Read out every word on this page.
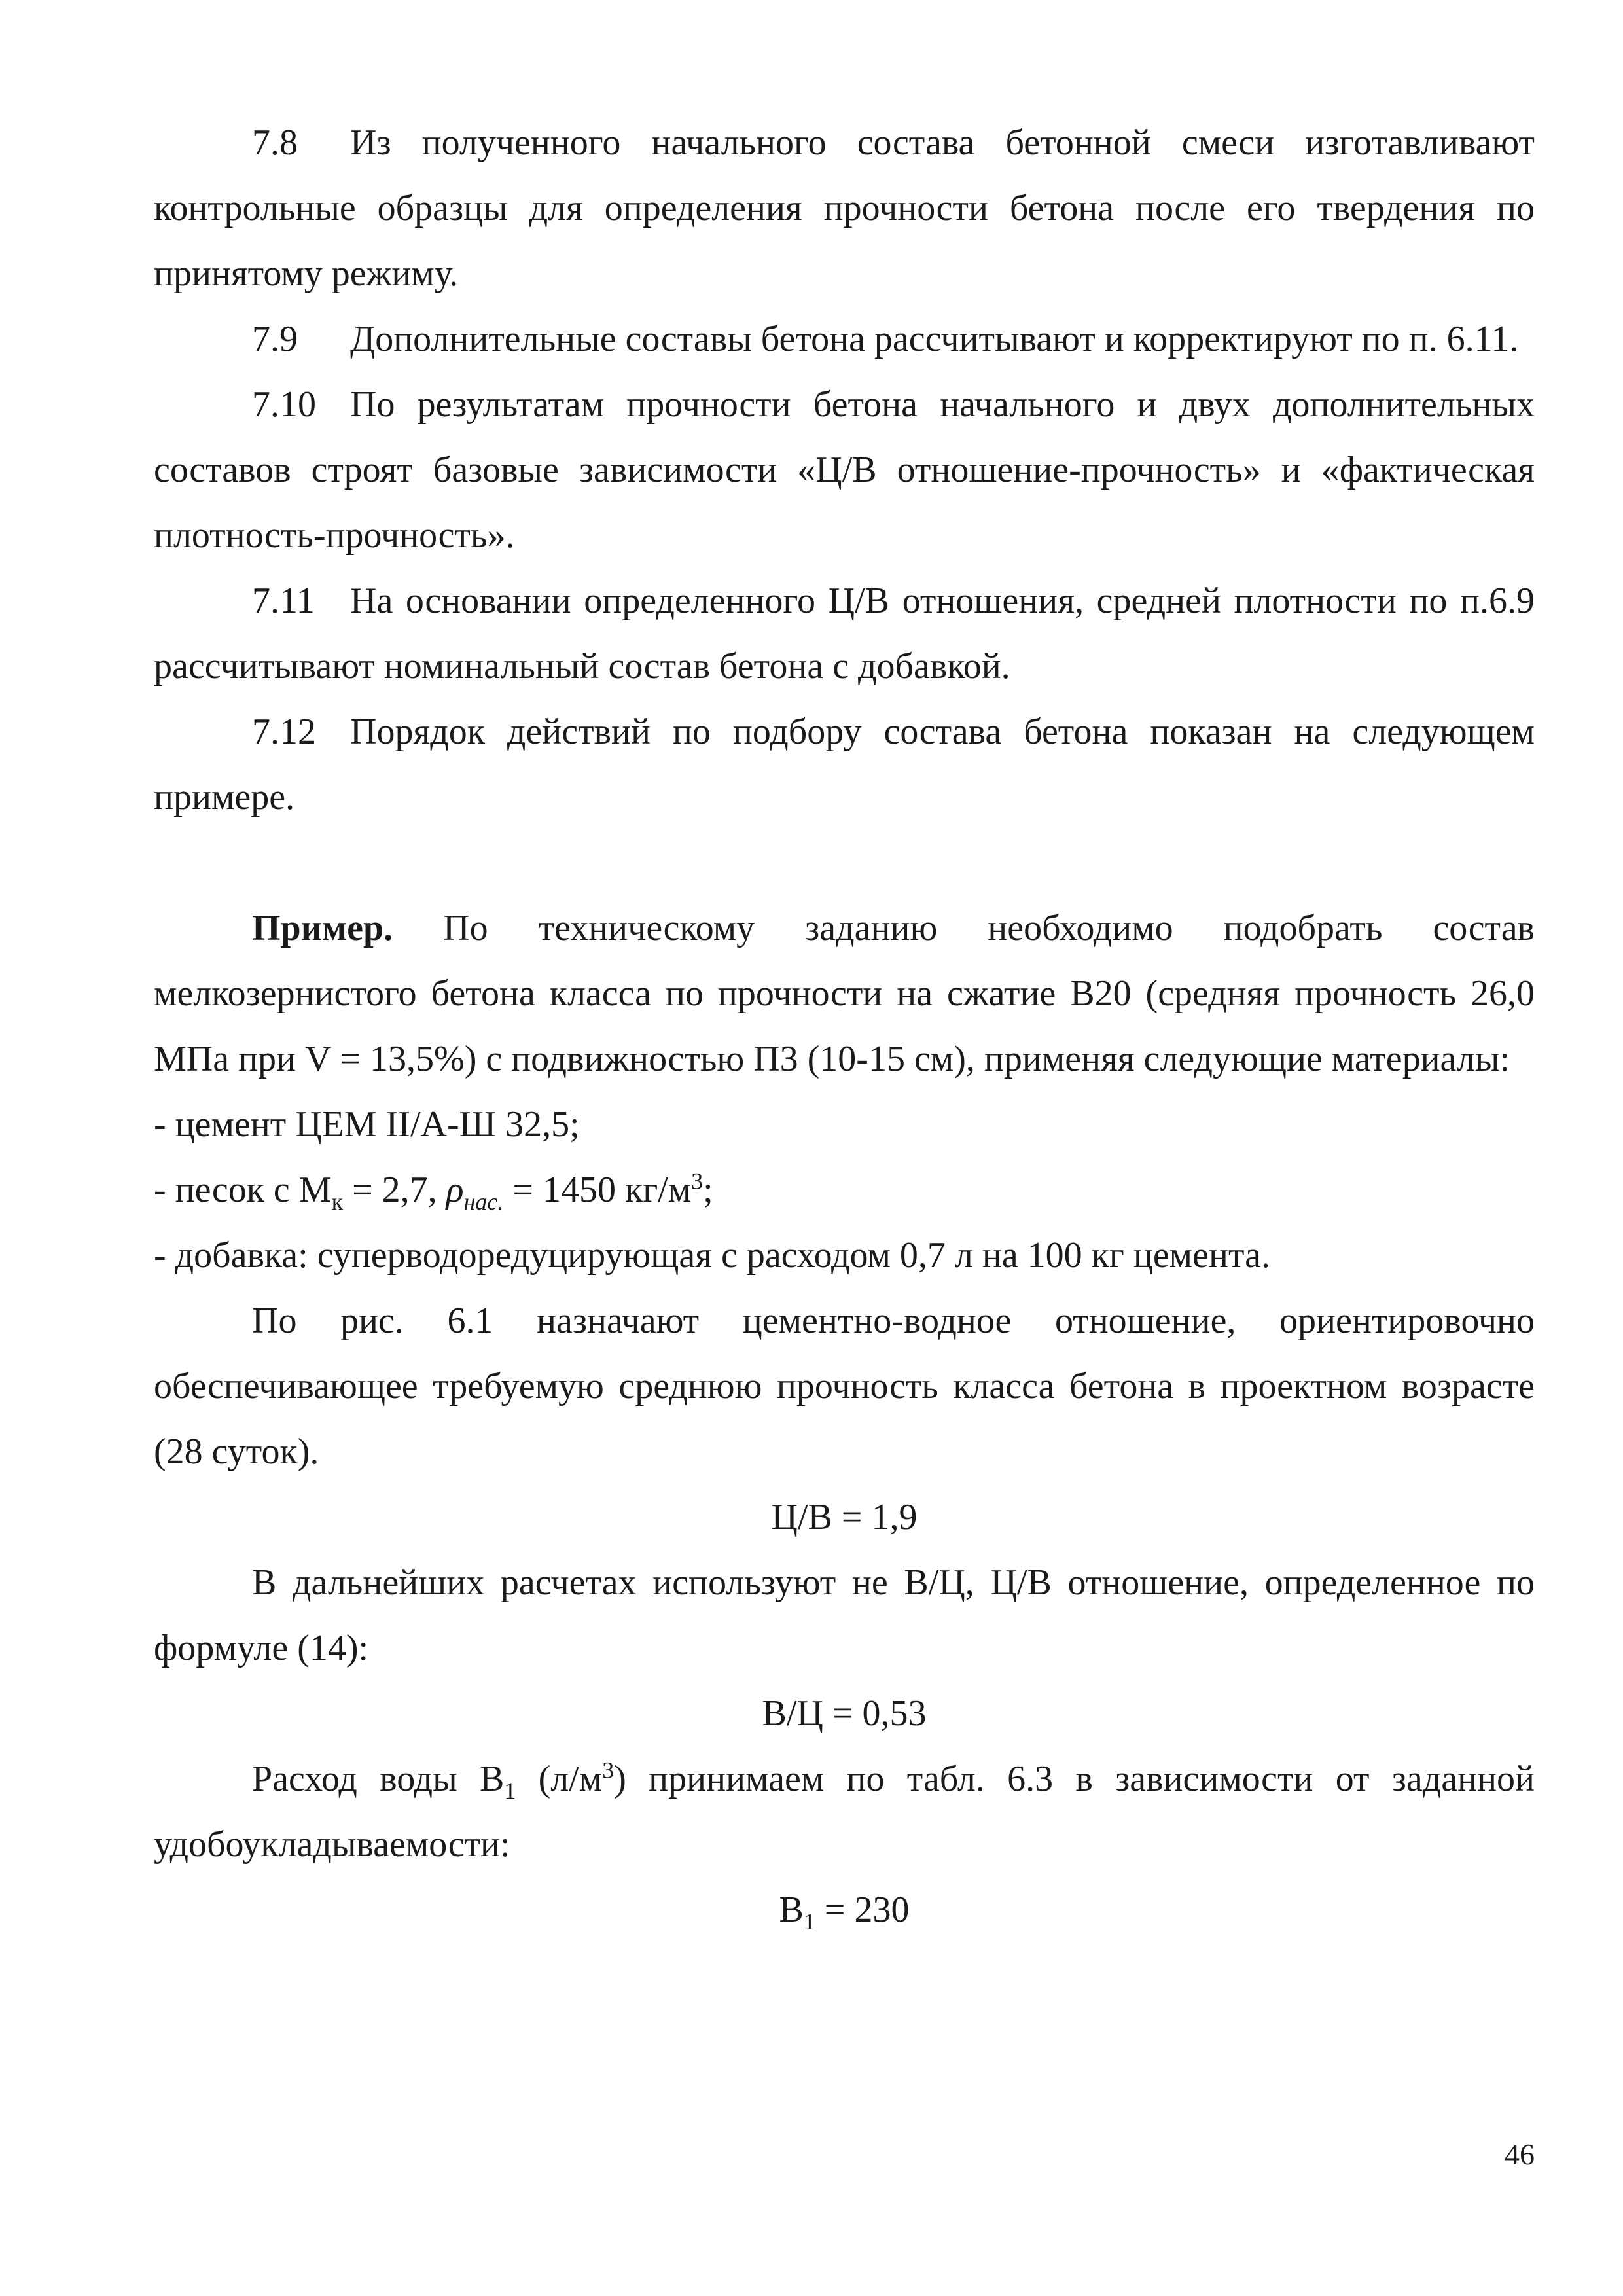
7.8 Из полученного начального состава бетонной смеси изготавливают контрольные образцы для определения прочности бетона после его твердения по принятому режиму.

7.9 Дополнительные составы бетона рассчитывают и корректируют по п. 6.11.

7.10 По результатам прочности бетона начального и двух дополнительных составов строят базовые зависимости «Ц/В отношение-прочность» и «фактическая плотность-прочность».

7.11 На основании определенного Ц/В отношения, средней плотности по п.6.9 рассчитывают номинальный состав бетона с добавкой.

7.12 Порядок действий по подбору состава бетона показан на следующем примере.

Пример. По техническому заданию необходимо подобрать состав мелкозернистого бетона класса по прочности на сжатие В20 (средняя прочность 26,0 МПа при V = 13,5%) с подвижностью П3 (10-15 см), применяя следующие материалы:

- цемент ЦЕМ II/А-Ш 32,5;

- песок с $М_к = 2,7$, $\rho_{нас.} = 1450$ $кг/м^3$;

- добавка: суперводоредуцирующая с расходом 0,7 л на 100 кг цемента.

По рис. 6.1 назначают цементно-водное отношение, ориентировочно обеспечивающее требуемую среднюю прочность класса бетона в проектном возрасте (28 суток).

Ц/В = 1,9

В дальнейших расчетах используют не В/Ц, Ц/В отношение, определенное по формуле (14):

В/Ц = 0,53

Расход воды $В_1$ $(л/м^3)$ принимаем по табл. 6.3 в зависимости от заданной удобоукладываемости:

$В_1 = 230$

46
